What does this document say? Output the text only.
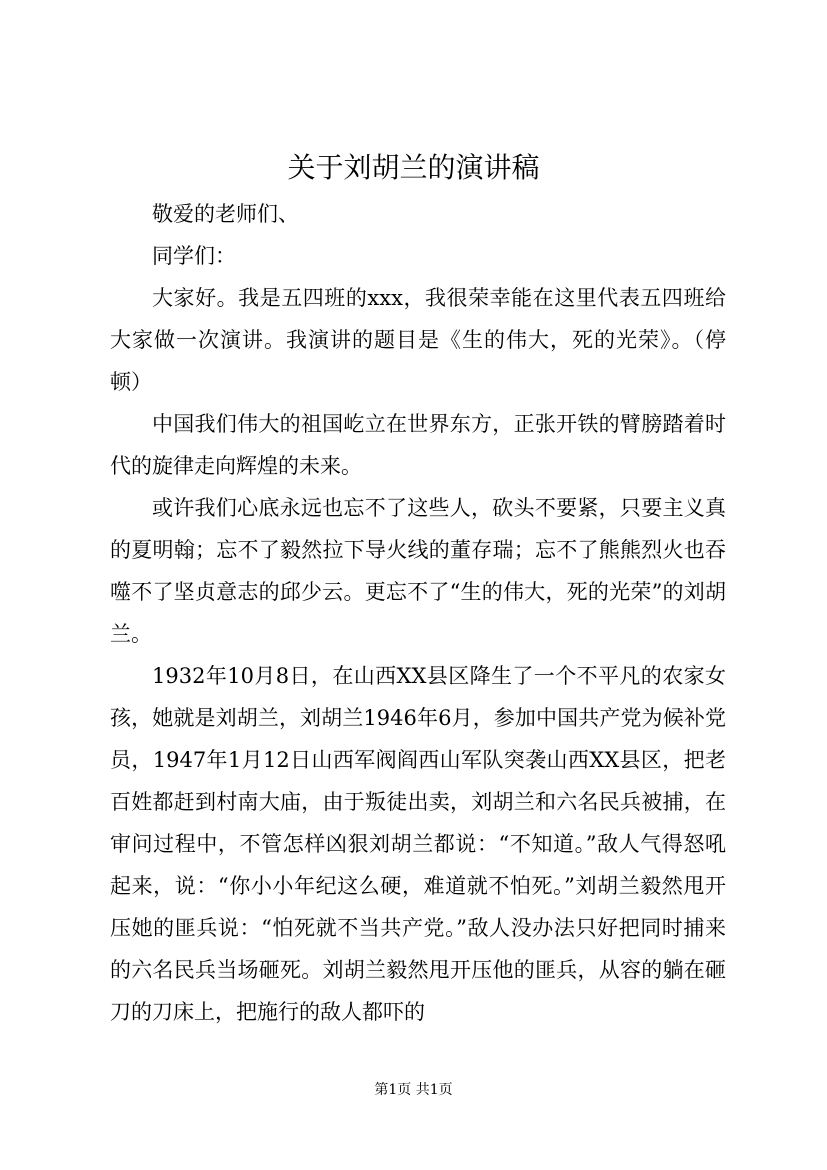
关于刘胡兰的演讲稿

敬爱的老师们、

同学们：

大家好。我是五四班的xxx，我很荣幸能在这里代表五四班给大家做一次演讲。我演讲的题目是《生的伟大，死的光荣》。（停顿）

中国我们伟大的祖国屹立在世界东方，正张开铁的臂膀踏着时代的旋律走向辉煌的未来。

或许我们心底永远也忘不了这些人，砍头不要紧，只要主义真的夏明翰；忘不了毅然拉下导火线的董存瑞；忘不了熊熊烈火也吞噬不了坚贞意志的邱少云。更忘不了“生的伟大，死的光荣”的刘胡兰。

1932年10月8日，在山西XX县区降生了一个不平凡的农家女孩，她就是刘胡兰，刘胡兰1946年6月，参加中国共产党为候补党员，1947年1月12日山西军阀阎西山军队突袭山西XX县区，把老百姓都赶到村南大庙，由于叛徒出卖，刘胡兰和六名民兵被捕，在审问过程中，不管怎样凶狠刘胡兰都说：“不知道。”敌人气得怒吼起来，说：“你小小年纪这么硬，难道就不怕死。”刘胡兰毅然甩开压她的匪兵说：“怕死就不当共产党。”敌人没办法只好把同时捕来的六名民兵当场砸死。刘胡兰毅然甩开压他的匪兵，从容的躺在砸刀的刀床上，把施行的敌人都吓的

第1页 共1页
